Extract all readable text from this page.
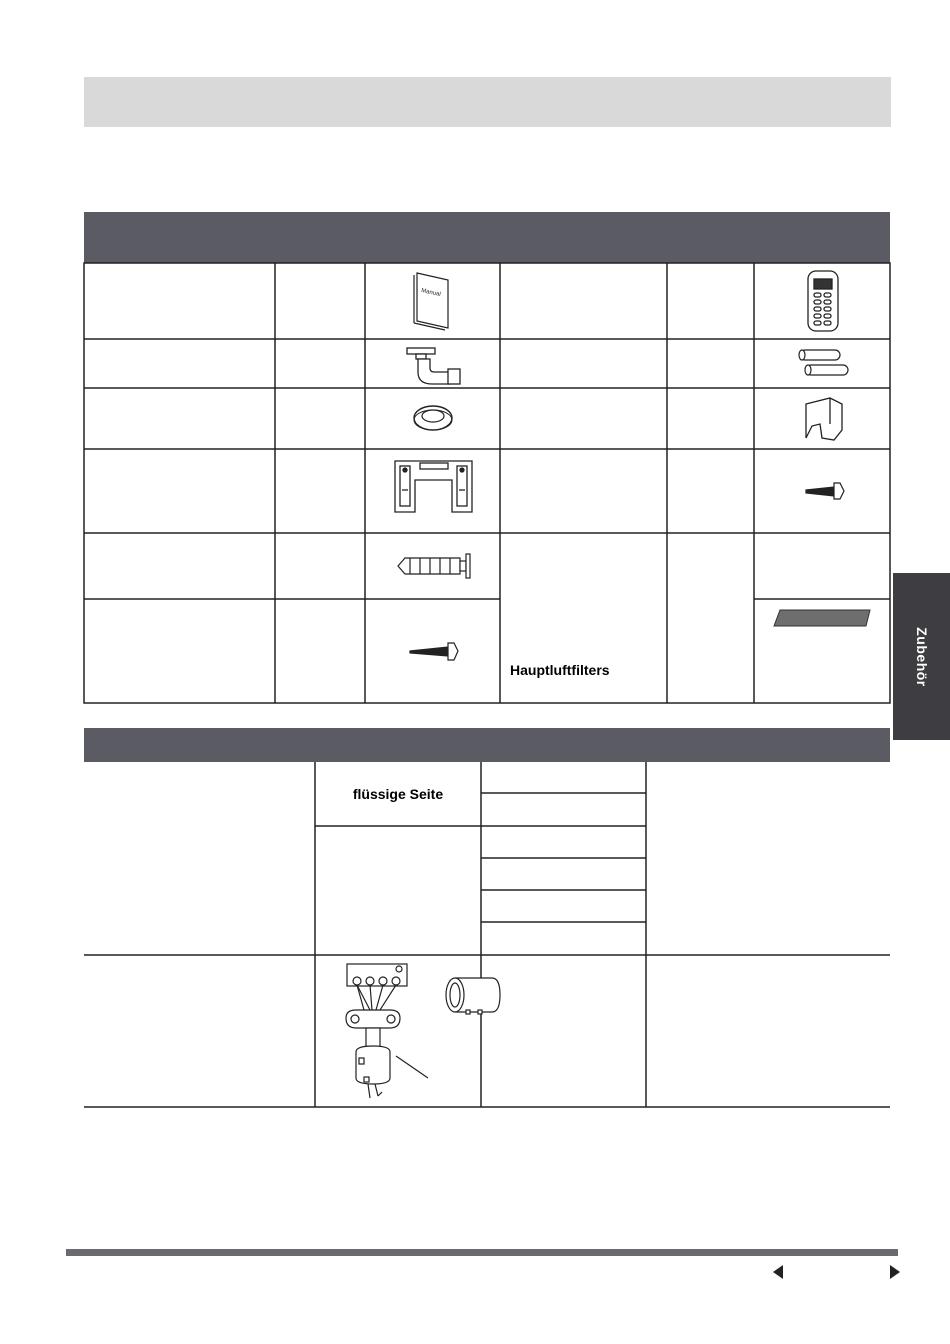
Manual
Hauptluftfilters
flüssige Seite
Zubehör
